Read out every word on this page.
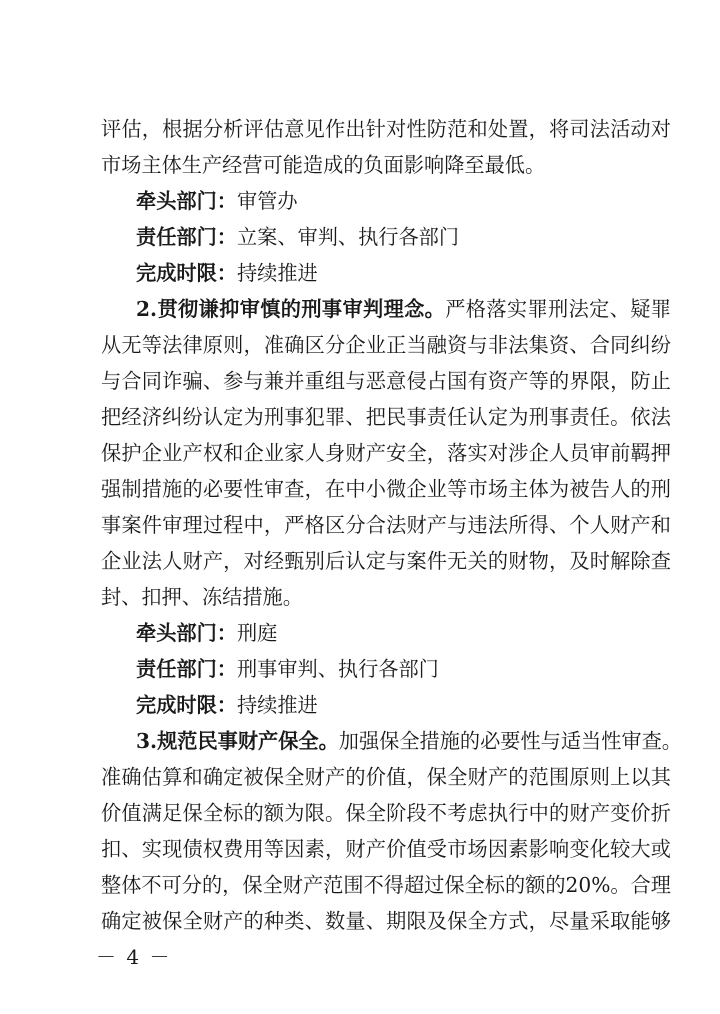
评估，根据分析评估意见作出针对性防范和处置，将司法活动对
市场主体生产经营可能造成的负面影响降至最低。
牵头部门：审管办
责任部门：立案、审判、执行各部门
完成时限：持续推进
2.贯彻谦抑审慎的刑事审判理念。严格落实罪刑法定、疑罪
从无等法律原则，准确区分企业正当融资与非法集资、合同纠纷
与合同诈骗、参与兼并重组与恶意侵占国有资产等的界限，防止
把经济纠纷认定为刑事犯罪、把民事责任认定为刑事责任。依法
保护企业产权和企业家人身财产安全，落实对涉企人员审前羁押
强制措施的必要性审查，在中小微企业等市场主体为被告人的刑
事案件审理过程中，严格区分合法财产与违法所得、个人财产和
企业法人财产，对经甄别后认定与案件无关的财物，及时解除查
封、扣押、冻结措施。
牵头部门：刑庭
责任部门：刑事审判、执行各部门
完成时限：持续推进
3.规范民事财产保全。加强保全措施的必要性与适当性审查。
准确估算和确定被保全财产的价值，保全财产的范围原则上以其
价值满足保全标的额为限。保全阶段不考虑执行中的财产变价折
扣、实现债权费用等因素，财产价值受市场因素影响变化较大或
整体不可分的，保全财产范围不得超过保全标的额的20%。合理
确定被保全财产的种类、数量、期限及保全方式，尽量采取能够
－ 4 －
